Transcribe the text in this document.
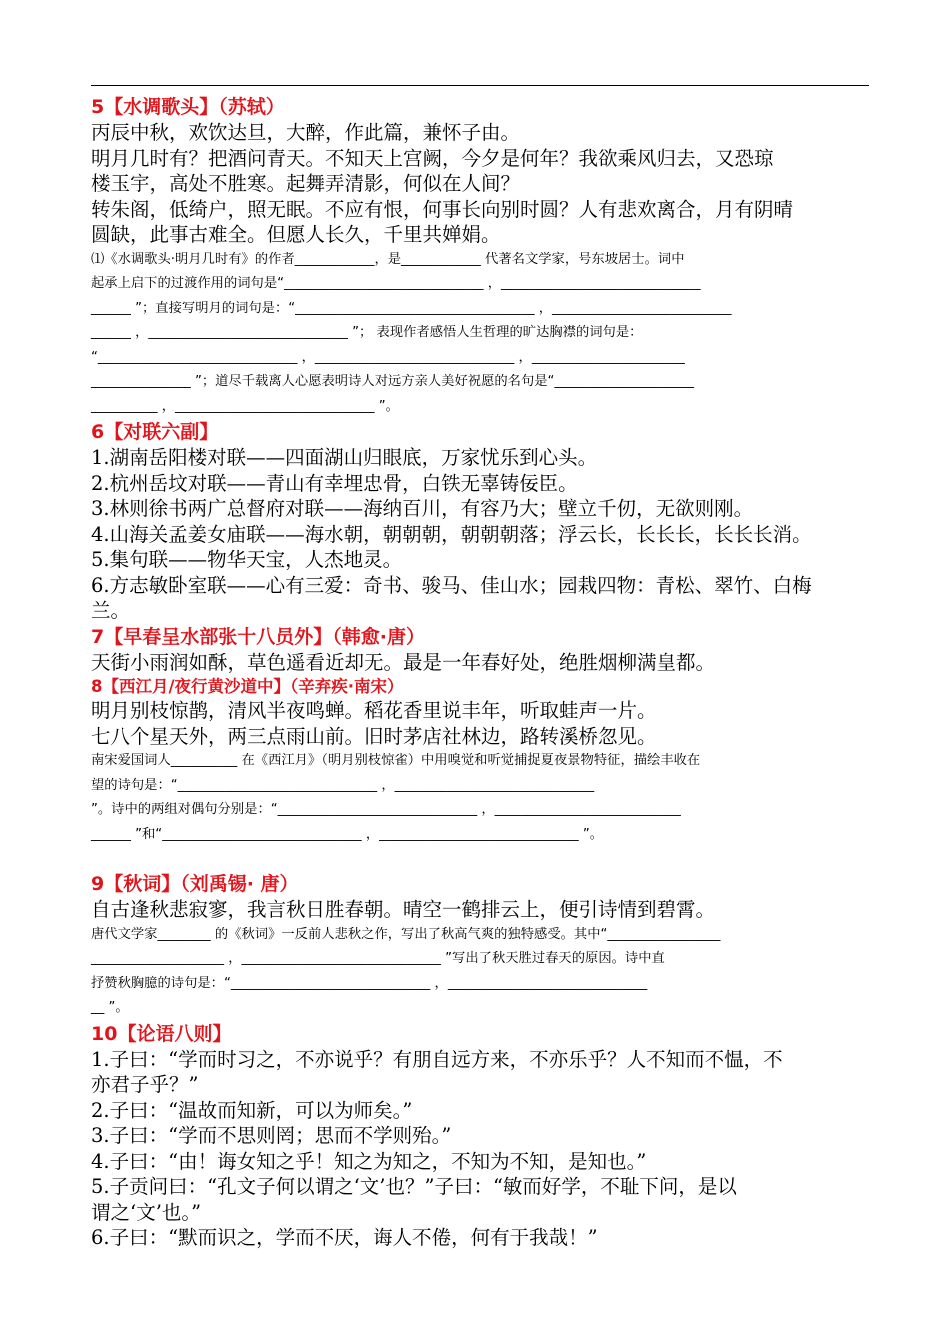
5【水调歌头】（苏轼）
丙辰中秋，欢饮达旦，大醉，作此篇，兼怀子由。
明月几时有？把酒问青天。不知天上宫阙，今夕是何年？我欲乘风归去，又恐琼
楼玉宇，高处不胜寒。起舞弄清影，何似在人间？
转朱阁，低绮户，照无眠。不应有恨，何事长向别时圆？人有悲欢离合，月有阴晴
圆缺，此事古难全。但愿人长久，千里共婵娟。
⑴《水调歌头·明月几时有》的作者____________，是____________ 代著名文学家，号东坡居士。词中
起承上启下的过渡作用的词句是“______________________________ ，______________________________
______ ”；直接写明月的词句是：“____________________________________ ，___________________________
______ ，______________________________ ”； 表现作者感悟人生哲理的旷达胸襟的词句是：
“______________________________ ，______________________________ ，_______________________
_______________ ”；道尽千载离人心愿表明诗人对远方亲人美好祝愿的名句是“_____________________
__________ ，______________________________ ”。
6【对联六副】
1.湖南岳阳楼对联——四面湖山归眼底，万家忧乐到心头。
2.杭州岳坟对联——青山有幸埋忠骨，白铁无辜铸佞臣。
3.林则徐书两广总督府对联——海纳百川，有容乃大；壁立千仞，无欲则刚。
4.山海关孟姜女庙联——海水朝，朝朝朝，朝朝朝落；浮云长，长长长，长长长消。
5.集句联——物华天宝，人杰地灵。
6.方志敏卧室联——心有三爱：奇书、骏马、佳山水；园栽四物：青松、翠竹、白梅
兰。
7【早春呈水部张十八员外】（韩愈·唐）
天街小雨润如酥，草色遥看近却无。最是一年春好处，绝胜烟柳满皇都。
8【西江月/夜行黄沙道中】（辛弃疾·南宋）
明月别枝惊鹊，清风半夜鸣蝉。稻花香里说丰年，听取蛙声一片。
七八个星天外，两三点雨山前。旧时茅店社林边，路转溪桥忽见。
南宋爱国词人__________ 在《西江月》（明月别枝惊雀）中用嗅觉和听觉捕捉夏夜景物特征，描绘丰收在
望的诗句是：“______________________________ ，______________________________
”。诗中的两组对偶句分别是：“______________________________ ，____________________________
______ ”和“______________________________ ，______________________________ ”。
9【秋词】（刘禹锡· 唐）
自古逢秋悲寂寥，我言秋日胜春朝。晴空一鹤排云上，便引诗情到碧霄。
唐代文学家________ 的《秋词》一反前人悲秋之作，写出了秋高气爽的独特感受。其中“_________________
____________________ ，______________________________ ”写出了秋天胜过春天的原因。诗中直
抒赞秋胸臆的诗句是：“______________________________ ，______________________________
__ ”。
10【论语八则】
1.子曰：“学而时习之，不亦说乎？有朋自远方来，不亦乐乎？人不知而不愠，不
亦君子乎？”
2.子曰：“温故而知新，可以为师矣。”
3.子曰：“学而不思则罔；思而不学则殆。”
4.子曰：“由！诲女知之乎！知之为知之，不知为不知，是知也。”
5.子贡问曰：“孔文子何以谓之‘文’也？”子曰：“敏而好学，不耻下问，是以
谓之‘文’也。”
6.子曰：“默而识之，学而不厌，诲人不倦，何有于我哉！”
